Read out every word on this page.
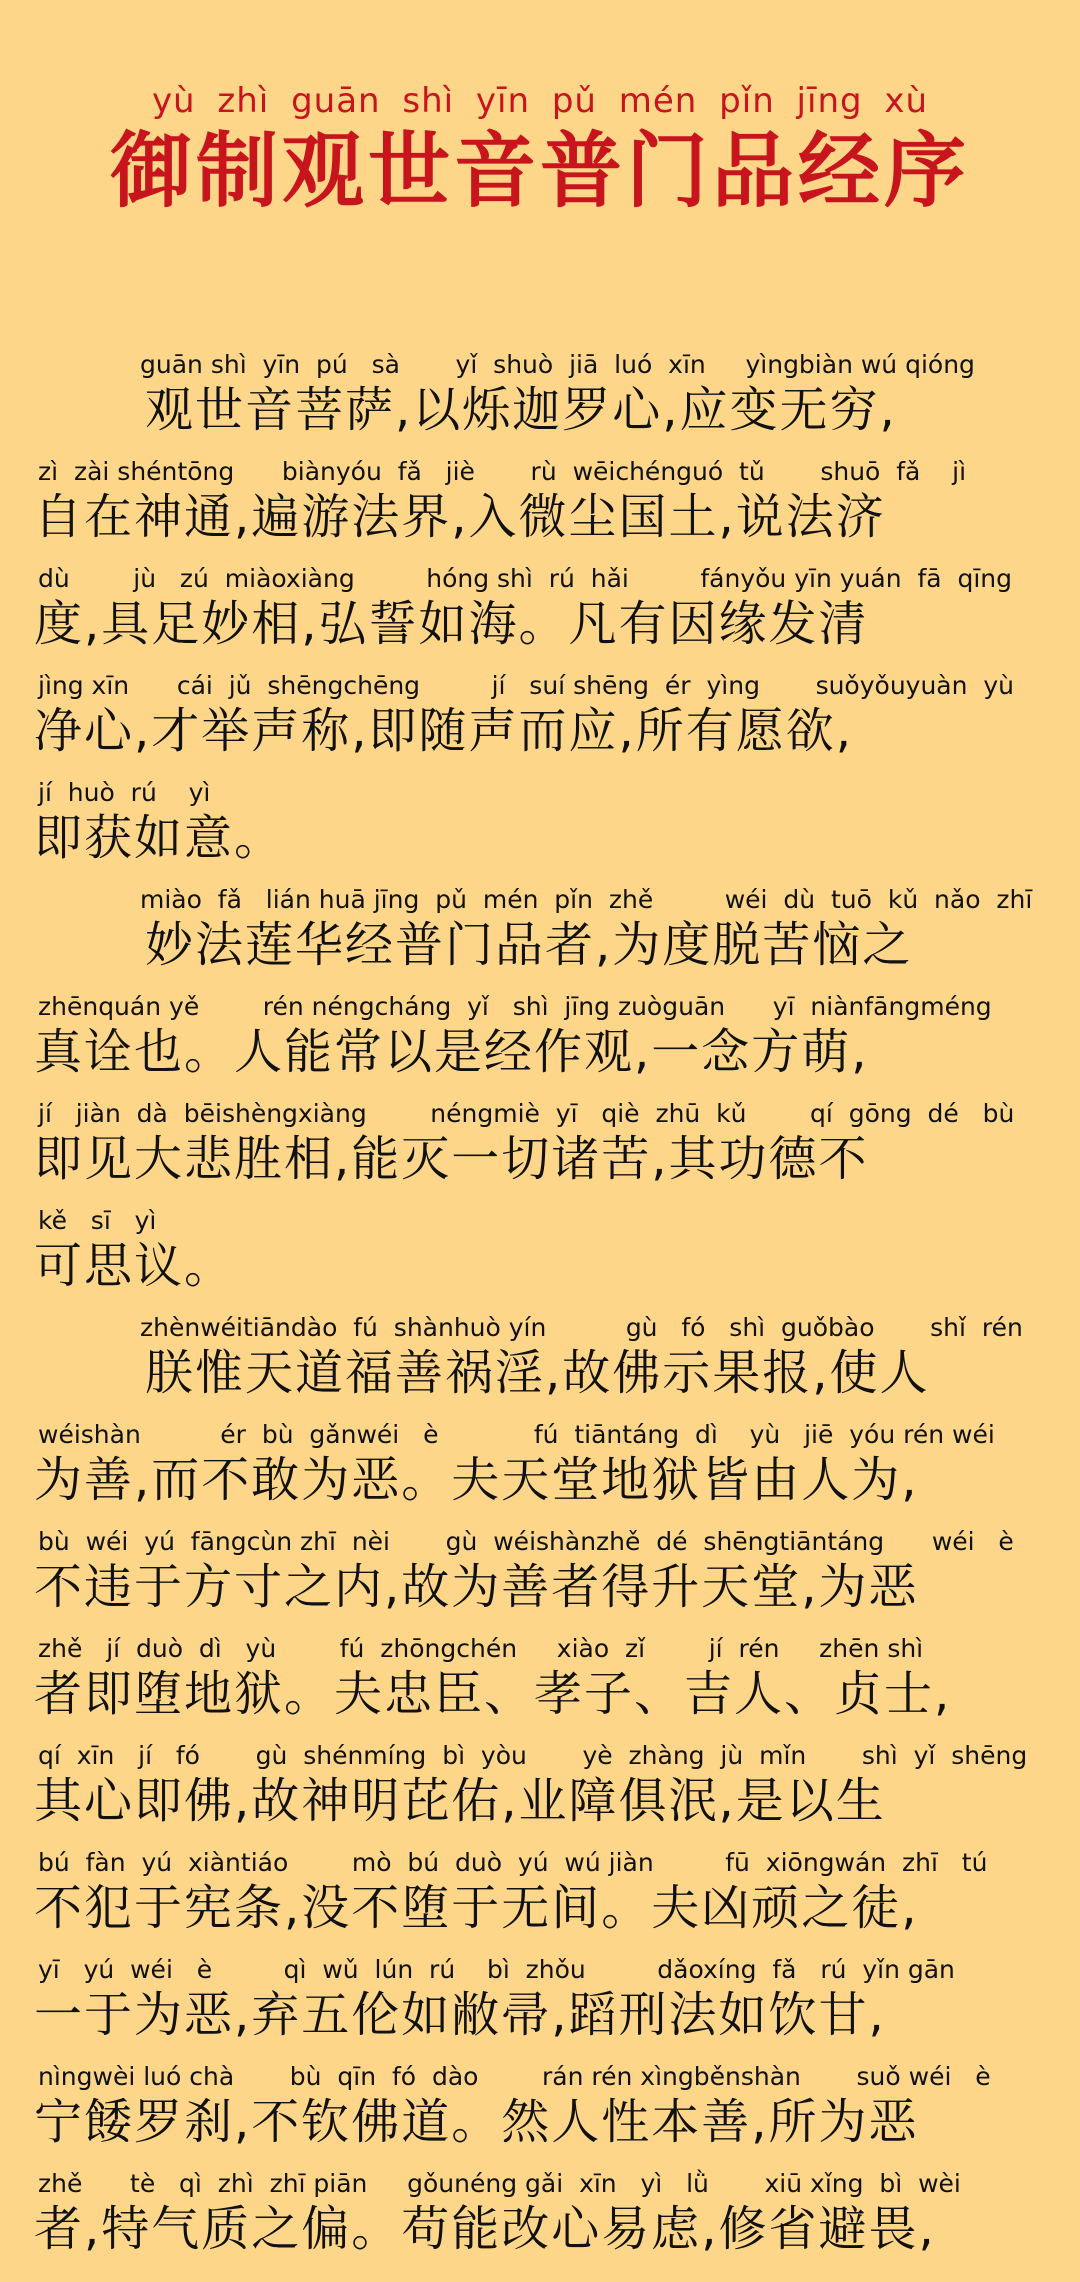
yù zhì guān shì yīn pǔ mén pǐn jīng xù
御制观世音普门品经序
guān shì  yīn  pú   sà       yǐ  shuò  jiā  luó  xīn     yìngbiàn wú qióng
观世音菩萨,以烁迦罗心,应变无穷,
zì  zài shéntōng      biànyóu  fǎ   jiè       rù  wēichénguó  tǔ       shuō  fǎ    jì
自在神通,遍游法界,入微尘国土,说法济
dù        jù   zú  miàoxiàng         hóng shì  rú  hǎi         fányǒu yīn yuán  fā  qīng
度,具足妙相,弘誓如海。凡有因缘发清
jìng xīn      cái  jǔ  shēngchēng         jí   suí shēng  ér  yìng       suǒyǒuyuàn  yù
净心,才举声称,即随声而应,所有愿欲,
jí  huò  rú    yì
即获如意。
miào  fǎ   lián huā jīng  pǔ  mén  pǐn  zhě         wéi  dù  tuō  kǔ  nǎo  zhī
妙法莲华经普门品者,为度脱苦恼之
zhēnquán yě        rén néngcháng  yǐ   shì  jīng zuòguān      yī  niànfāngméng
真诠也。人能常以是经作观,一念方萌,
jí   jiàn  dà  bēishèngxiàng        néngmiè  yī   qiè  zhū  kǔ        qí  gōng  dé   bù
即见大悲胜相,能灭一切诸苦,其功德不
kě   sī   yì
可思议。
zhènwéitiāndào  fú  shànhuò yín          gù   fó   shì  guǒbào       shǐ  rén
朕惟天道福善祸淫,故佛示果报,使人
wéishàn          ér  bù  gǎnwéi   è            fú  tiāntáng  dì    yù   jiē  yóu rén wéi
为善,而不敢为恶。夫天堂地狱皆由人为,
bù  wéi  yú  fāngcùn zhī  nèi       gù  wéishànzhě  dé  shēngtiāntáng      wéi   è
不违于方寸之内,故为善者得升天堂,为恶
zhě   jí  duò  dì   yù        fú  zhōngchén     xiào  zǐ        jí  rén     zhēn shì
者即堕地狱。夫忠臣、孝子、吉人、贞士,
qí  xīn   jí   fó       gù  shénmíng  bì  yòu       yè  zhàng  jù  mǐn       shì  yǐ  shēng
其心即佛,故神明芘佑,业障俱泯,是以生
bú  fàn  yú  xiàntiáo        mò  bú  duò  yú  wú jiàn         fū  xiōngwán  zhī   tú
不犯于宪条,没不堕于无间。夫凶顽之徒,
yī   yú  wéi   è         qì  wǔ  lún  rú    bì  zhǒu         dǎoxíng  fǎ   rú  yǐn gān
一于为恶,弃五伦如敝帚,蹈刑法如饮甘,
nìngwèi luó chà       bù  qīn  fó  dào        rán rén xìngběnshàn       suǒ wéi   è
宁餧罗刹,不钦佛道。然人性本善,所为恶
zhě      tè   qì  zhì  zhī piān     gǒunéng gǎi  xīn   yì   lǜ       xiū xǐng  bì  wèi
者,特气质之偏。苟能改心易虑,修省避畏,
